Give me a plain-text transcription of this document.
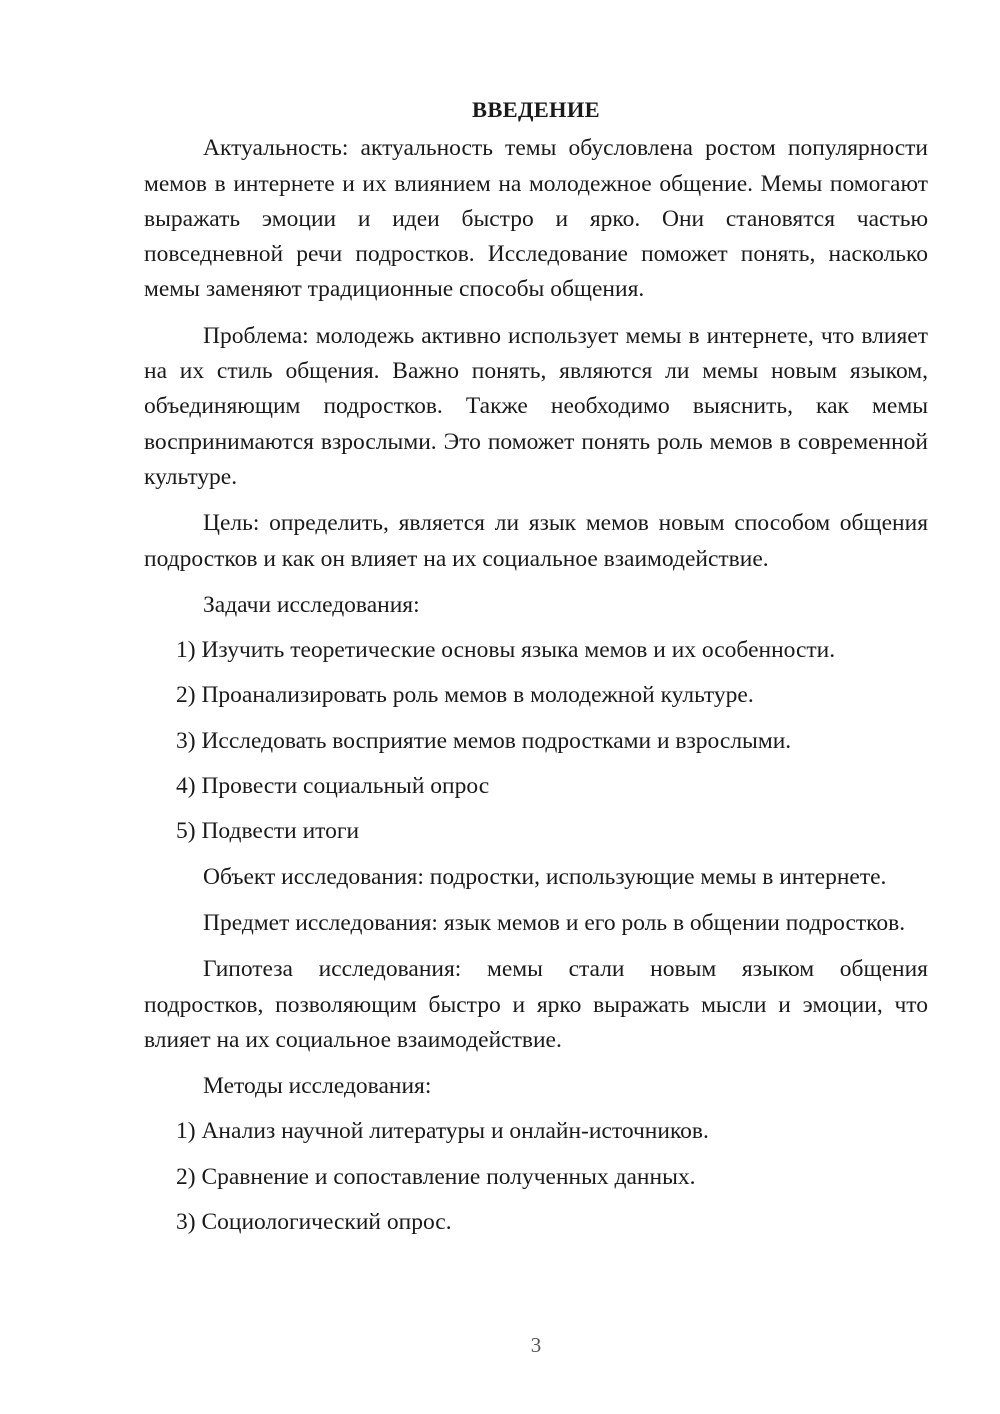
ВВЕДЕНИЕ

Актуальность: актуальность темы обусловлена ростом популярности мемов в интернете и их влиянием на молодежное общение. Мемы помогают выражать эмоции и идеи быстро и ярко. Они становятся частью повседневной речи подростков. Исследование поможет понять, насколько мемы заменяют традиционные способы общения.

Проблема: молодежь активно использует мемы в интернете, что влияет на их стиль общения. Важно понять, являются ли мемы новым языком, объединяющим подростков. Также необходимо выяснить, как мемы воспринимаются взрослыми. Это поможет понять роль мемов в современной культуре.

Цель: определить, является ли язык мемов новым способом общения подростков и как он влияет на их социальное взаимодействие.

Задачи исследования:
1) Изучить теоретические основы языка мемов и их особенности.
2) Проанализировать роль мемов в молодежной культуре.
3) Исследовать восприятие мемов подростками и взрослыми.
4) Провести социальный опрос
5) Подвести итоги

Объект исследования: подростки, использующие мемы в интернете.

Предмет исследования: язык мемов и его роль в общении подростков.

Гипотеза исследования: мемы стали новым языком общения подростков, позволяющим быстро и ярко выражать мысли и эмоции, что влияет на их социальное взаимодействие.

Методы исследования:
1) Анализ научной литературы и онлайн-источников.
2) Сравнение и сопоставление полученных данных.
3) Социологический опрос.
3
